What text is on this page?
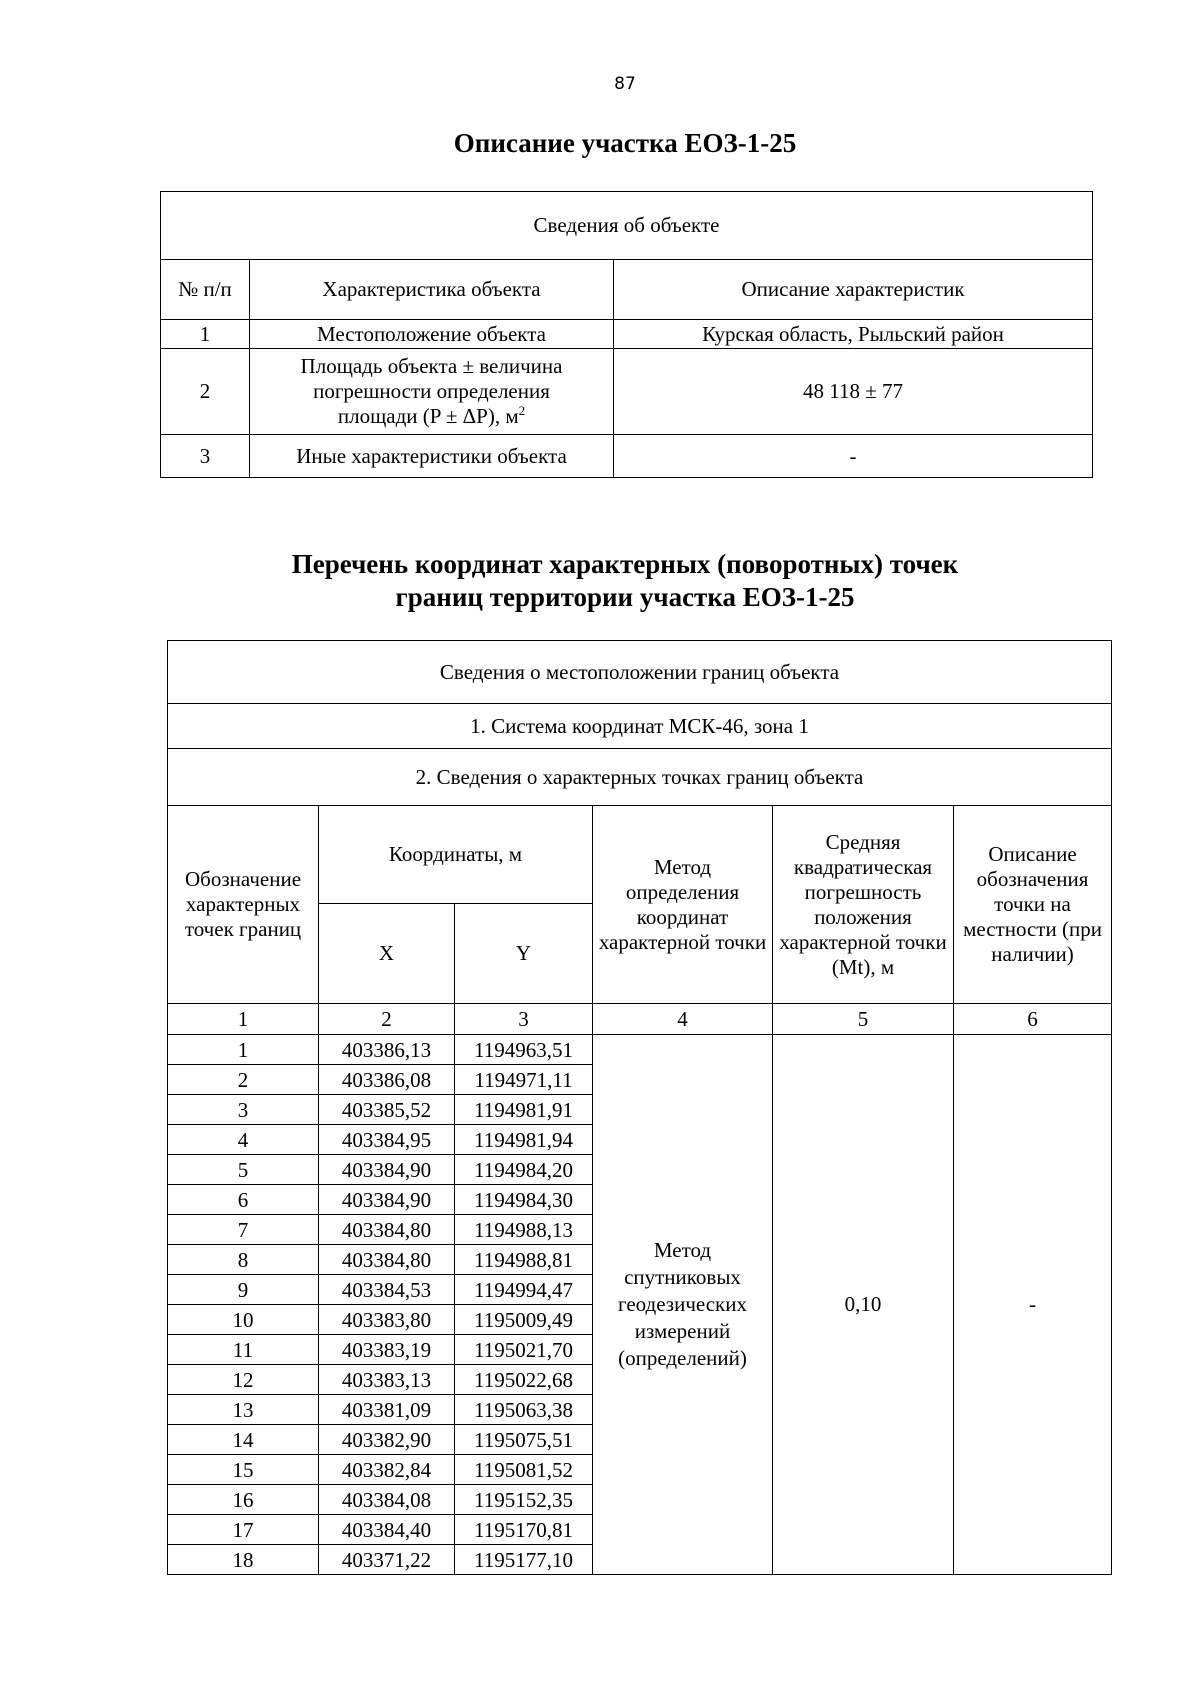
87
Описание участка ЕОЗ-1-25
Сведения об объекте		
№ п/п	Характеристика объекта	Описание характеристик
1	Местоположение объекта	Курская область, Рыльский район
2	Площадь объекта ± величина
погрешности определения
площади (P ± ΔP), $м^2$	48 118 ± 77
3	Иные характеристики объекта	-
Перечень координат характерных (поворотных) точек
границ территории участка ЕОЗ-1-25
Сведения о местоположении границ объекта					
1. Система координат МСК-46, зона 1					
2. Сведения о характерных точках границ объекта					
Обозначение характерных точек границ	Координаты, м		Метод определения координат характерной точки	Средняя квадратическая погрешность положения характерной точки (Mt), м	Описание обозначения точки на местности (при наличии)
	X	Y			
1	2	3	4	5	6
1	403386,13	1194963,51	Метод спутниковых геодезических измерений (определений)	0,10	-
2	403386,08	1194971,11			
3	403385,52	1194981,91			
4	403384,95	1194981,94			
5	403384,90	1194984,20			
6	403384,90	1194984,30			
7	403384,80	1194988,13			
8	403384,80	1194988,81			
9	403384,53	1194994,47			
10	403383,80	1195009,49			
11	403383,19	1195021,70			
12	403383,13	1195022,68			
13	403381,09	1195063,38			
14	403382,90	1195075,51			
15	403382,84	1195081,52			
16	403384,08	1195152,35			
17	403384,40	1195170,81			
18	403371,22	1195177,10			
